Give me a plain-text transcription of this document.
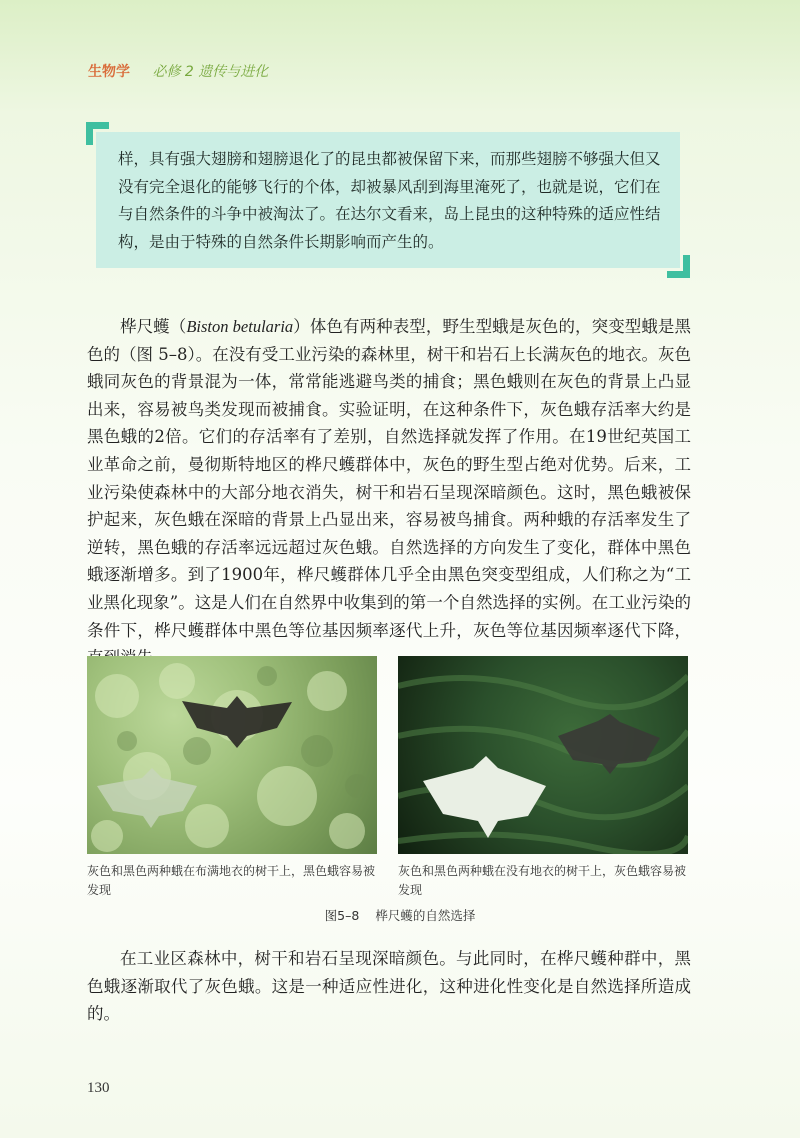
生物学 必修 2 遗传与进化
样，具有强大翅膀和翅膀退化了的昆虫都被保留下来，而那些翅膀不够强大但又没有完全退化的能够飞行的个体，却被暴风刮到海里淹死了，也就是说，它们在与自然条件的斗争中被淘汰了。在达尔文看来，岛上昆虫的这种特殊的适应性结构，是由于特殊的自然条件长期影响而产生的。

桦尺蠖（Biston betularia）体色有两种表型，野生型蛾是灰色的，突变型蛾是黑色的（图 5–8）。在没有受工业污染的森林里，树干和岩石上长满灰色的地衣。灰色蛾同灰色的背景混为一体，常常能逃避鸟类的捕食；黑色蛾则在灰色的背景上凸显出来，容易被鸟类发现而被捕食。实验证明，在这种条件下，灰色蛾存活率大约是黑色蛾的2倍。它们的存活率有了差别，自然选择就发挥了作用。在19世纪英国工业革命之前，曼彻斯特地区的桦尺蠖群体中，灰色的野生型占绝对优势。后来，工业污染使森林中的大部分地衣消失，树干和岩石呈现深暗颜色。这时，黑色蛾被保护起来，灰色蛾在深暗的背景上凸显出来，容易被鸟捕食。两种蛾的存活率发生了逆转，黑色蛾的存活率远远超过灰色蛾。自然选择的方向发生了变化，群体中黑色蛾逐渐增多。到了1900年，桦尺蠖群体几乎全由黑色突变型组成，人们称之为“工业黑化现象”。这是人们在自然界中收集到的第一个自然选择的实例。在工业污染的条件下，桦尺蠖群体中黑色等位基因频率逐代上升，灰色等位基因频率逐代下降，

灰色和黑色两种蛾在布满地衣的树干上，黑色蛾容易被发现
灰色和黑色两种蛾在没有地衣的树干上，灰色蛾容易被发现
图5–8 桦尺蠖的自然选择

在工业区森林中，树干和岩石呈现深暗颜色。与此同时，在桦尺蠖种群中，黑色蛾逐渐取代了灰色蛾。这是一种适应性进化，这种进化性变化是自然选择所造成的。

130
